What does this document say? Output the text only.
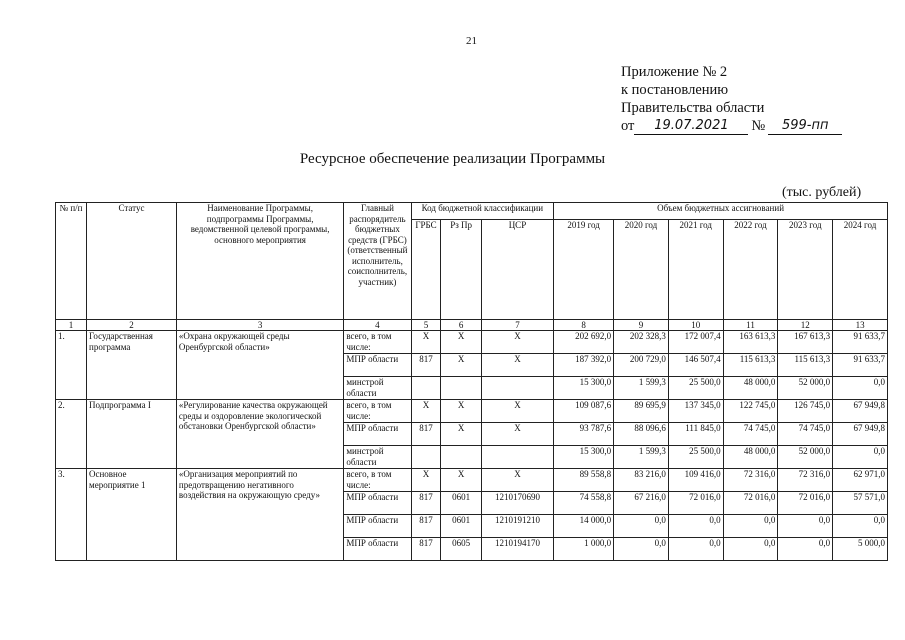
21
Приложение № 2
к постановлению
Правительства области
от	19.07.2021	№	599-пп
Ресурсное обеспечение реализации Программы
(тыс. рублей)
№ п/п	Статус	Наименование Программы, подпрограммы Программы, ведомственной целевой программы, основного мероприятия	Главный распорядитель бюджетных средств (ГРБС) (ответственный исполнитель, соисполнитель, участник)	Код бюджетной классификации			Объем бюджетных ассигнований					
				ГРБС	Рз Пр	ЦСР	2019 год	2020 год	2021 год	2022 год	2023 год	2024 год
1	2	3	4	5	6	7	8	9	10	11	12	13
1.	Государственная программа	«Охрана окружающей среды Оренбургской области»	всего, в том числе:	Х	Х	Х	202 692,0	202 328,3	172 007,4	163 613,3	167 613,3	91 633,7
			МПР области	817	Х	Х	187 392,0	200 729,0	146 507,4	115 613,3	115 613,3	91 633,7
			минстрой области				15 300,0	1 599,3	25 500,0	48 000,0	52 000,0	0,0
2.	Подпрограмма I	«Регулирование качества окружающей среды и оздоровление экологической обстановки Оренбургской области»	всего, в том числе:	Х	Х	Х	109 087,6	89 695,9	137 345,0	122 745,0	126 745,0	67 949,8
			МПР области	817	Х	Х	93 787,6	88 096,6	111 845,0	74 745,0	74 745,0	67 949,8
			минстрой области				15 300,0	1 599,3	25 500,0	48 000,0	52 000,0	0,0
3.	Основное мероприятие 1	«Организация мероприятий по предотвращению негативного воздействия на окружающую среду»	всего, в том числе:	Х	Х	Х	89 558,8	83 216,0	109 416,0	72 316,0	72 316,0	62 971,0
			МПР области	817	0601	1210170690	74 558,8	67 216,0	72 016,0	72 016,0	72 016,0	57 571,0
			МПР области	817	0601	1210191210	14 000,0	0,0	0,0	0,0	0,0	0,0
			МПР области	817	0605	1210194170	1 000,0	0,0	0,0	0,0	0,0	5 000,0
